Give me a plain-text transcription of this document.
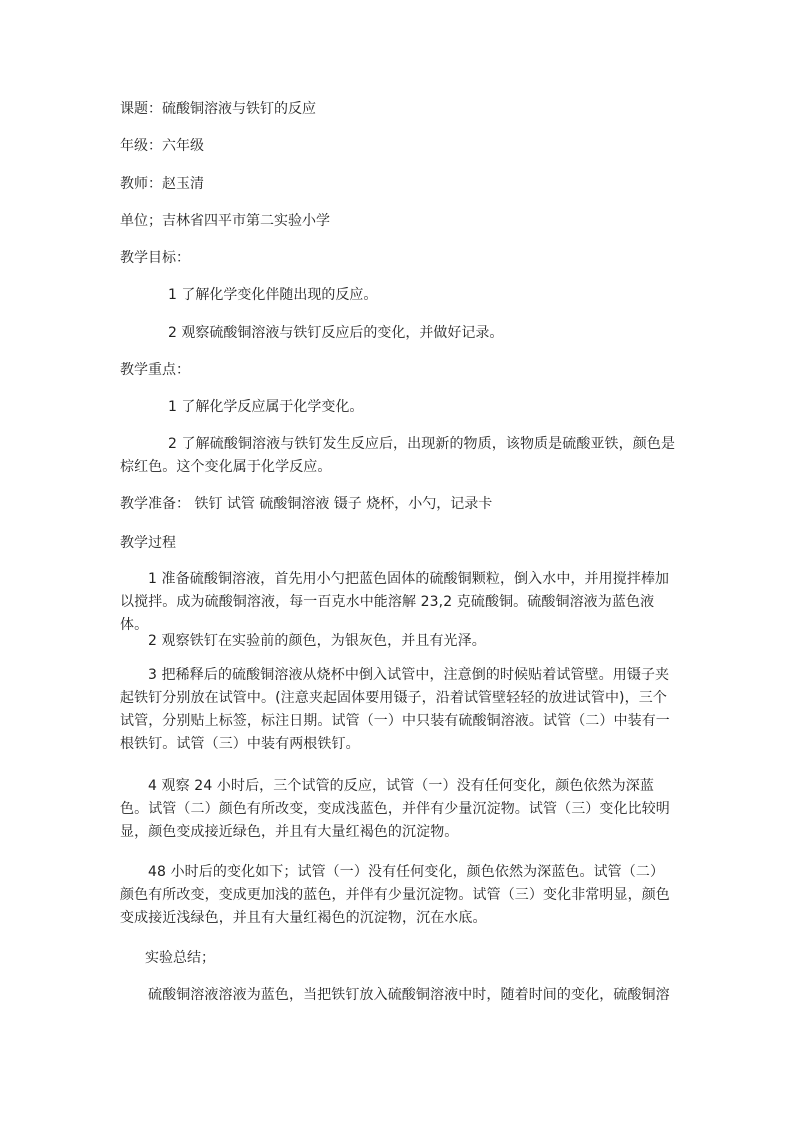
课题：硫酸铜溶液与铁钉的反应

年级：六年级

教师：赵玉清

单位；吉林省四平市第二实验小学

教学目标：

1 了解化学变化伴随出现的反应。

2 观察硫酸铜溶液与铁钉反应后的变化，并做好记录。

教学重点：

1 了解化学反应属于化学变化。

2 了解硫酸铜溶液与铁钉发生反应后，出现新的物质，该物质是硫酸亚铁，颜色是棕红色。这个变化属于化学反应。

教学准备： 铁钉 试管 硫酸铜溶液 镊子 烧杯，小勺，记录卡

教学过程

1 准备硫酸铜溶液，首先用小勺把蓝色固体的硫酸铜颗粒，倒入水中，并用搅拌棒加以搅拌。成为硫酸铜溶液，每一百克水中能溶解 23,2 克硫酸铜。硫酸铜溶液为蓝色液体。

2 观察铁钉在实验前的颜色，为银灰色，并且有光泽。

3 把稀释后的硫酸铜溶液从烧杯中倒入试管中，注意倒的时候贴着试管壁。用镊子夹起铁钉分别放在试管中。(注意夹起固体要用镊子，沿着试管壁轻轻的放进试管中)，三个试管，分别贴上标签，标注日期。试管（一）中只装有硫酸铜溶液。试管（二）中装有一根铁钉。试管（三）中装有两根铁钉。

4 观察 24 小时后，三个试管的反应，试管（一）没有任何变化，颜色依然为深蓝色。试管（二）颜色有所改变，变成浅蓝色，并伴有少量沉淀物。试管（三）变化比较明显，颜色变成接近绿色，并且有大量红褐色的沉淀物。

48 小时后的变化如下；试管（一）没有任何变化，颜色依然为深蓝色。试管（二）颜色有所改变，变成更加浅的蓝色，并伴有少量沉淀物。试管（三）变化非常明显，颜色变成接近浅绿色，并且有大量红褐色的沉淀物，沉在水底。

实验总结；

硫酸铜溶液溶液为蓝色，当把铁钉放入硫酸铜溶液中时，随着时间的变化，硫酸铜溶
